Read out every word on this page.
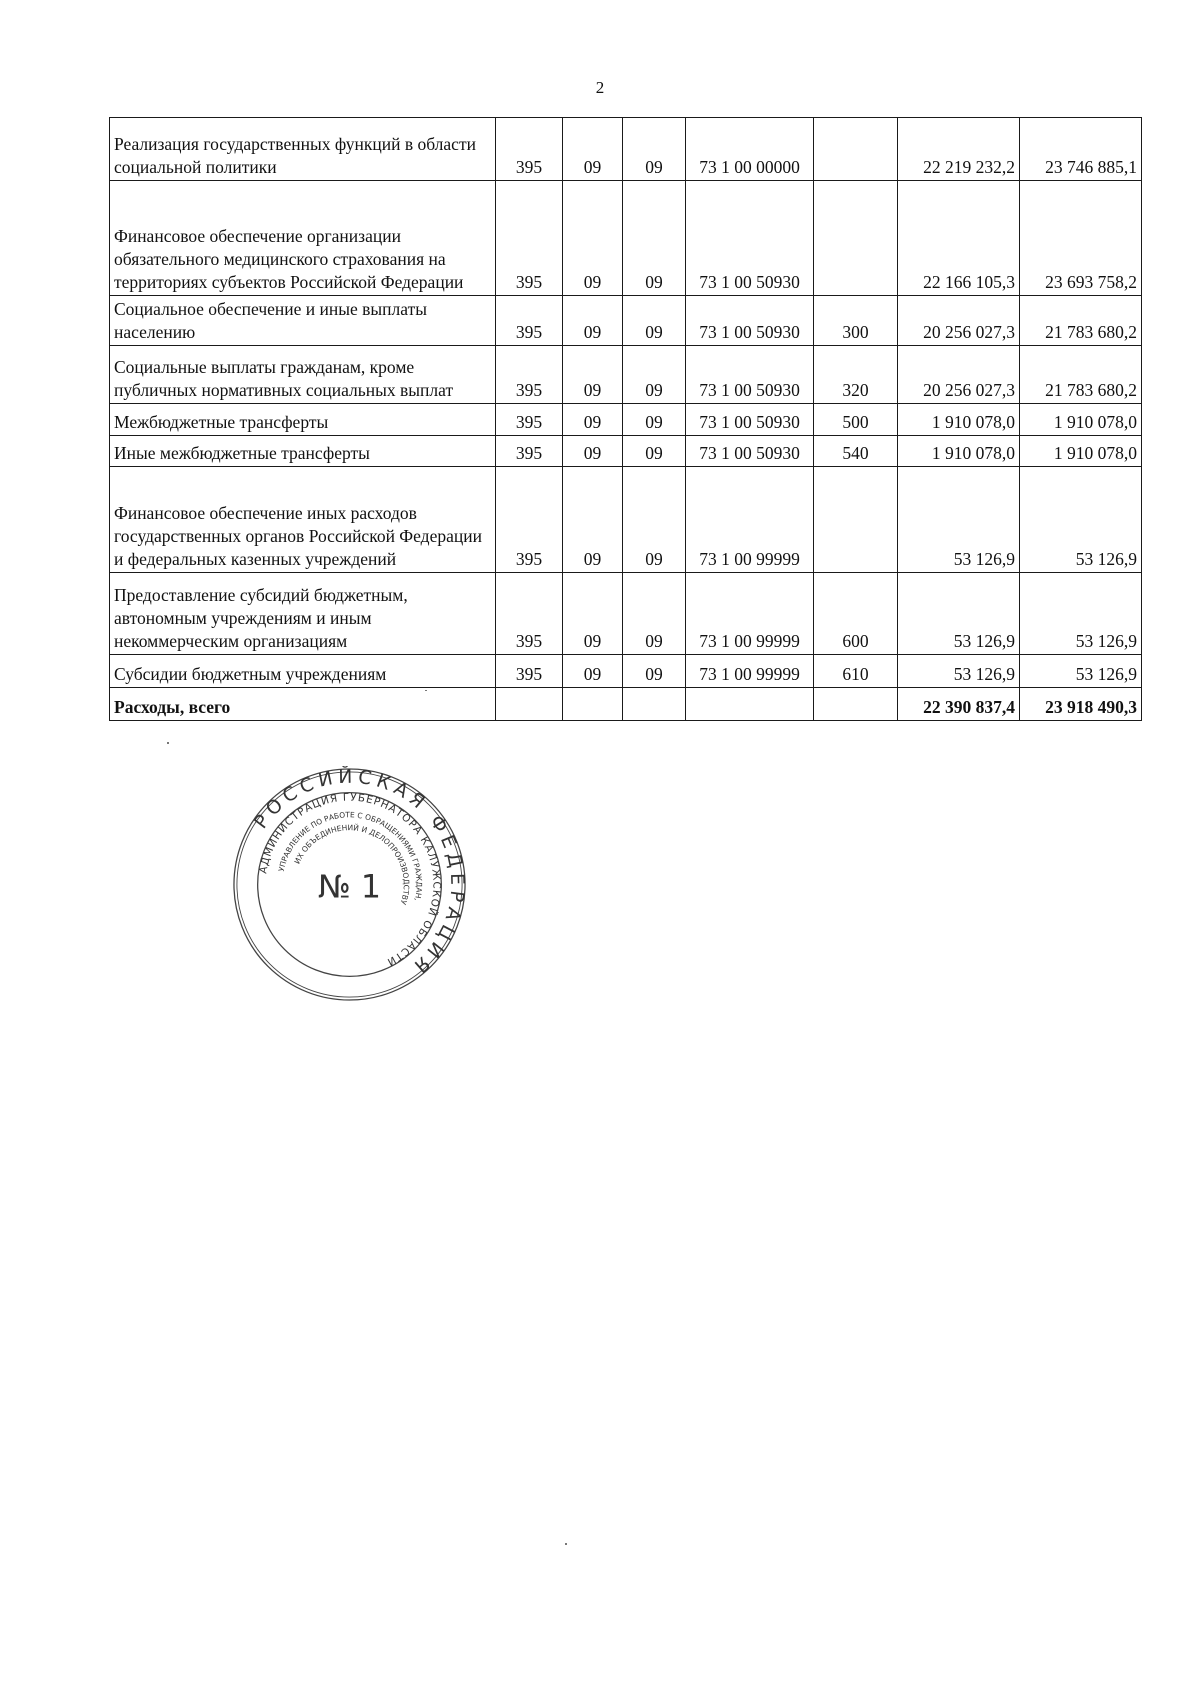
2
Реализация государственных функций в области социальной политики	395	09	09	73 1 00 00000		22 219 232,2	23 746 885,1
Финансовое обеспечение организации обязательного медицинского страхования на территориях субъектов Российской Федерации	395	09	09	73 1 00 50930		22 166 105,3	23 693 758,2
Социальное обеспечение и иные выплаты населению	395	09	09	73 1 00 50930	300	20 256 027,3	21 783 680,2
Социальные выплаты гражданам, кроме публичных нормативных социальных выплат	395	09	09	73 1 00 50930	320	20 256 027,3	21 783 680,2
Межбюджетные трансферты	395	09	09	73 1 00 50930	500	1 910 078,0	1 910 078,0
Иные межбюджетные трансферты	395	09	09	73 1 00 50930	540	1 910 078,0	1 910 078,0
Финансовое обеспечение иных расходов государственных органов Российской Федерации и федеральных казенных учреждений	395	09	09	73 1 00 99999		53 126,9	53 126,9
Предоставление субсидий бюджетным, автономным учреждениям и иным некоммерческим организациям	395	09	09	73 1 00 99999	600	53 126,9	53 126,9
Субсидии бюджетным учреждениям	395	09	09	73 1 00 99999	610	53 126,9	53 126,9
Расходы, всего						22 390 837,4	23 918 490,3
РОССИЙСКАЯ ФЕДЕРАЦИЯ
АДМИНИСТРАЦИЯ ГУБЕРНАТОРА КАЛУЖСКОЙ ОБЛАСТИ
УПРАВЛЕНИЕ ПО РАБОТЕ С ОБРАЩЕНИЯМИ ГРАЖДАН,
ИХ ОБЪЕДИНЕНИЙ И ДЕЛОПРОИЗВОДСТВУ
№ 1
